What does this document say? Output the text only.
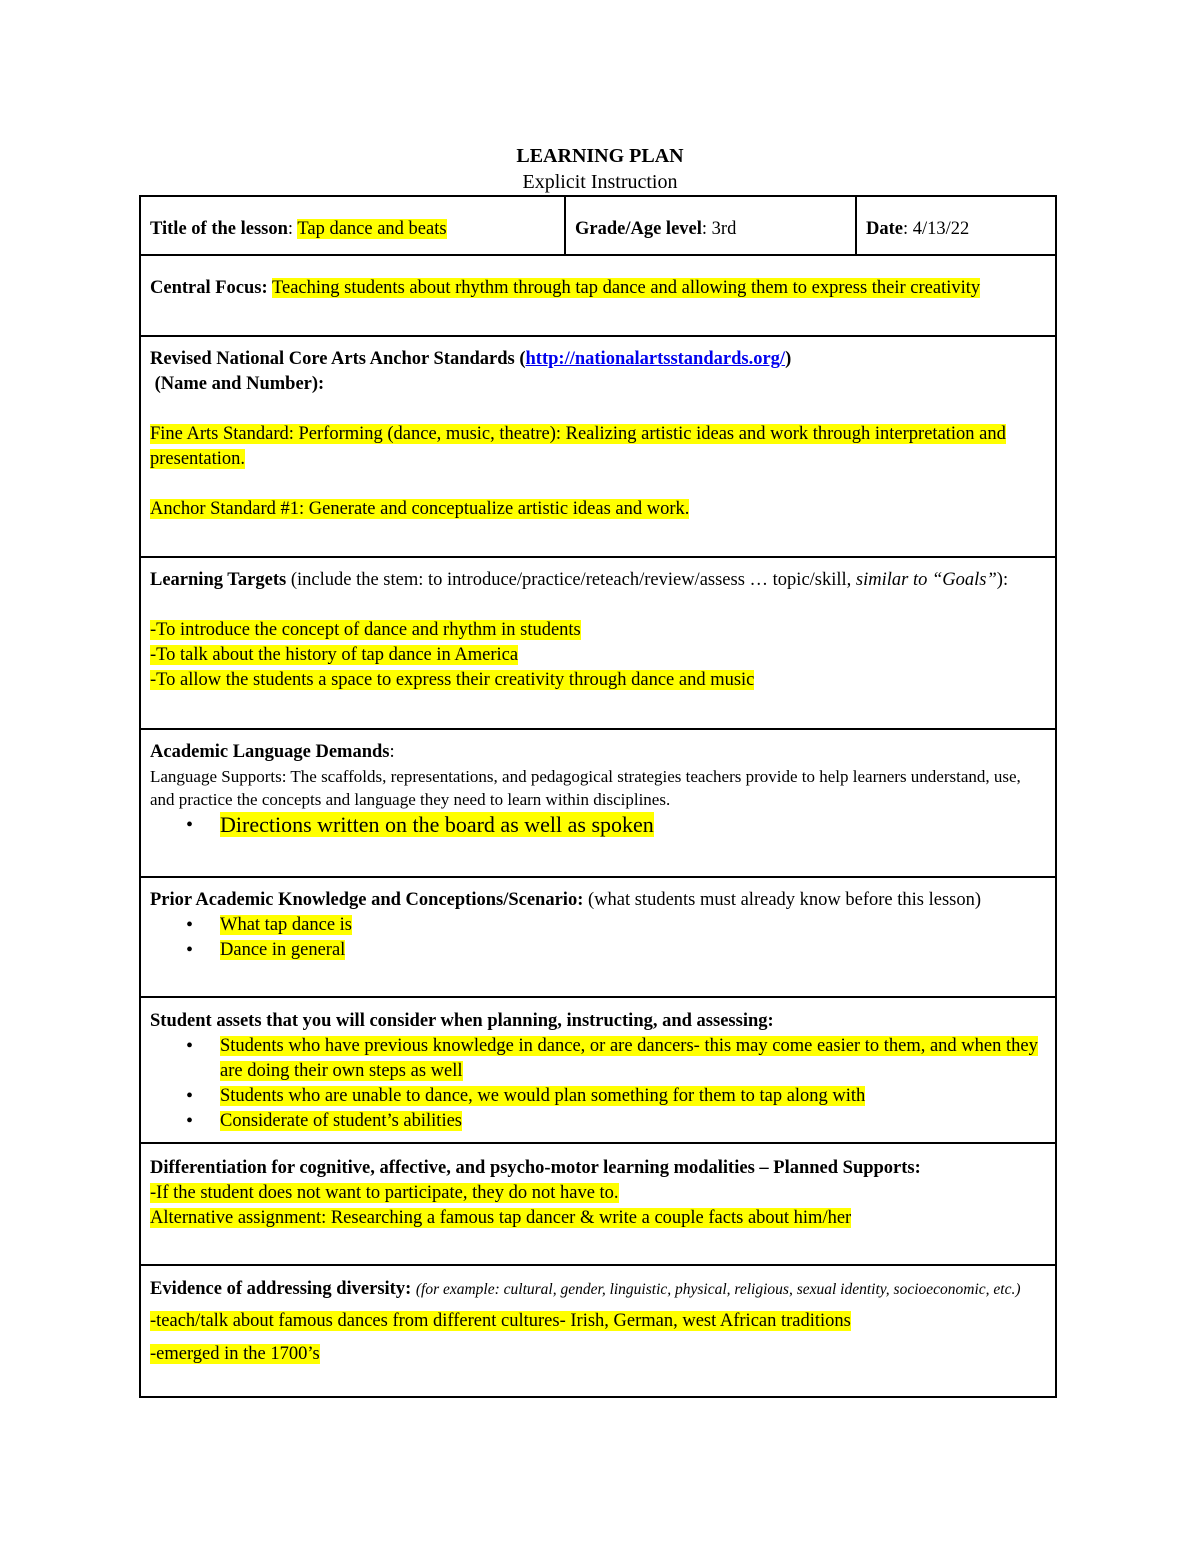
LEARNING PLAN
Explicit Instruction
Title of the lesson: Tap dance and beats	Grade/Age level: 3rd	Date: 4/13/22
Central Focus: Teaching students about rhythm through tap dance and allowing them to express their creativity
Revised National Core Arts Anchor Standards (http://nationalartsstandards.org/)
(Name and Number):
Fine Arts Standard: Performing (dance, music, theatre): Realizing artistic ideas and work through interpretation and presentation.
Anchor Standard #1: Generate and conceptualize artistic ideas and work.
Learning Targets (include the stem: to introduce/practice/reteach/review/assess … topic/skill, similar to “Goals”):
-To introduce the concept of dance and rhythm in students
-To talk about the history of tap dance in America
-To allow the students a space to express their creativity through dance and music
Academic Language Demands:
Language Supports: The scaffolds, representations, and pedagogical strategies teachers provide to help learners understand, use, and practice the concepts and language they need to learn within disciplines.
• Directions written on the board as well as spoken
Prior Academic Knowledge and Conceptions/Scenario: (what students must already know before this lesson)
• What tap dance is
• Dance in general
Student assets that you will consider when planning, instructing, and assessing:
• Students who have previous knowledge in dance, or are dancers- this may come easier to them, and when they are doing their own steps as well
• Students who are unable to dance, we would plan something for them to tap along with
• Considerate of student’s abilities
Differentiation for cognitive, affective, and psycho-motor learning modalities – Planned Supports:
-If the student does not want to participate, they do not have to.
Alternative assignment: Researching a famous tap dancer & write a couple facts about him/her
Evidence of addressing diversity: (for example: cultural, gender, linguistic, physical, religious, sexual identity, socioeconomic, etc.)
-teach/talk about famous dances from different cultures- Irish, German, west African traditions
-emerged in the 1700’s
